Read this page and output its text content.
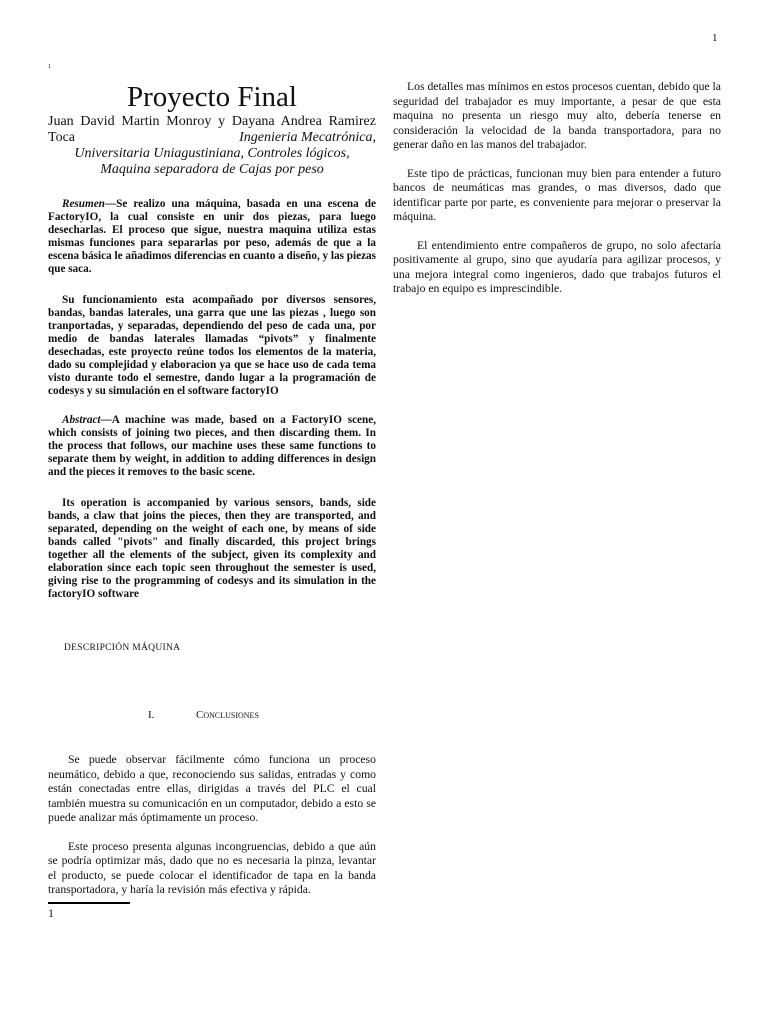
1
1
Proyecto Final

Juan David Martin Monroy y Dayana Andrea Ramirez

Toca	Ingenieria Mecatrónica,

Universitaria Uniagustiniana, Controles lógicos,

Maquina separadora de Cajas por peso

Resumen—Se realizo una máquina, basada en una escena de FactoryIO, la cual consiste en unir dos piezas, para luego desecharlas. El proceso que sigue, nuestra maquina utiliza estas mismas funciones para separarlas por peso, además de que a la escena básica le añadimos diferencias en cuanto a diseño, y las piezas que saca.

Su funcionamiento esta acompañado por diversos sensores, bandas, bandas laterales, una garra que une las piezas , luego son tranportadas, y separadas, dependiendo del peso de cada una, por medio de bandas laterales llamadas “pivots” y finalmente desechadas, este proyecto reúne todos los elementos de la materia, dado su complejidad y elaboracion ya que se hace uso de cada tema visto durante todo el semestre, dando lugar a la programación de codesys y su simulación en el software factoryIO

Abstract—A machine was made, based on a FactoryIO scene, which consists of joining two pieces, and then discarding them. In the process that follows, our machine uses these same functions to separate them by weight, in addition to adding differences in design and the pieces it removes to the basic scene.

Its operation is accompanied by various sensors, bands, side bands, a claw that joins the pieces, then they are transported, and separated, depending on the weight of each one, by means of side bands called "pivots" and finally discarded, this project brings together all the elements of the subject, given its complexity and elaboration since each topic seen throughout the semester is used, giving rise to the programming of codesys and its simulation in the factoryIO software

DESCRIPCIÓN MÁQUINA

I.	Conclusiones

Se puede observar fácilmente cómo funciona un proceso neumático, debido a que, reconociendo sus salidas, entradas y como están conectadas entre ellas, dirigidas a través del PLC el cual también muestra su comunicación en un computador, debido a esto se puede analizar más óptimamente un proceso.

Este proceso presenta algunas incongruencias, debido a que aún se podría optimizar más, dado que no es necesaria la pinza, levantar el producto, se puede colocar el identificador de tapa en la banda transportadora, y haría la revisión más efectiva y rápida.

Los detalles mas mínimos en estos procesos cuentan, debido que la seguridad del trabajador es muy importante, a pesar de que esta maquina no presenta un riesgo muy alto, debería tenerse en consideración la velocidad de la banda transportadora, para no generar daño en las manos del trabajador.

Este tipo de prácticas, funcionan muy bien para entender a futuro bancos de neumáticas mas grandes, o mas diversos, dado que identificar parte por parte, es conveniente para mejorar o preservar la máquina.

El entendimiento entre compañeros de grupo, no solo afectaría positivamente al grupo, sino que ayudaría para agilizar procesos, y una mejora integral como ingenieros, dado que trabajos futuros el trabajo en equipo es imprescindible.

1
